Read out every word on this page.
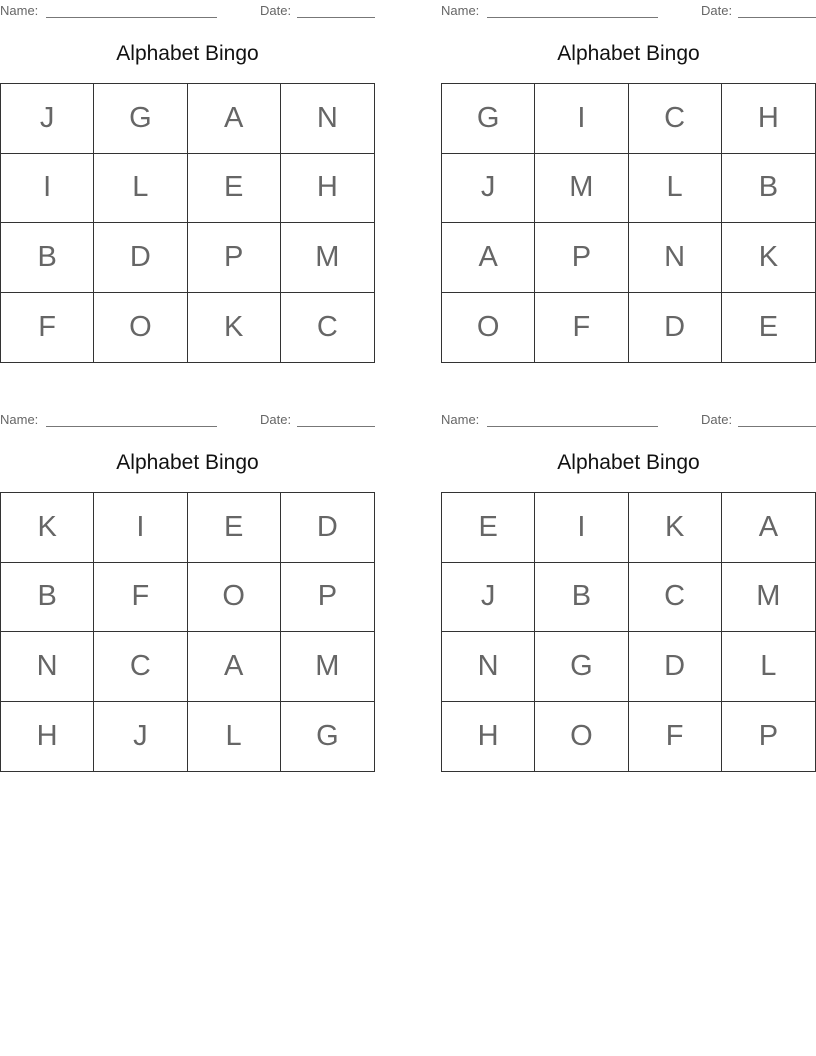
Name:	Date:
Alphabet Bingo
J	G	A	N
I	L	E	H
B	D	P	M
F	O	K	C
Name:	Date:
Alphabet Bingo
G	I	C	H
J	M	L	B
A	P	N	K
O	F	D	E
Name:	Date:
Alphabet Bingo
K	I	E	D
B	F	O	P
N	C	A	M
H	J	L	G
Name:	Date:
Alphabet Bingo
E	I	K	A
J	B	C	M
N	G	D	L
H	O	F	P
